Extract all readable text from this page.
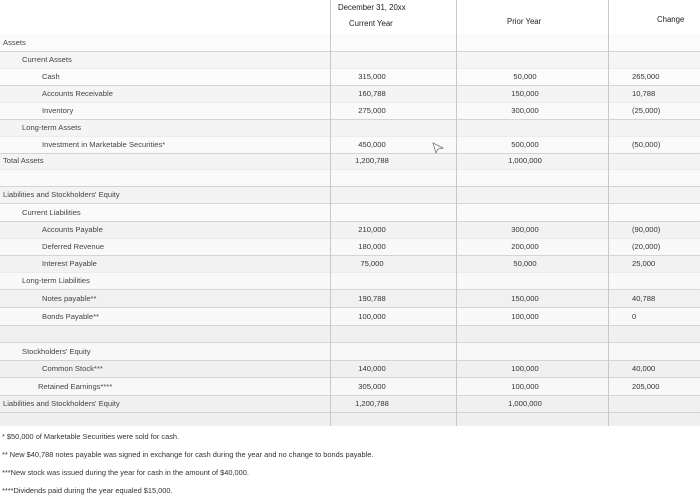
December 31, 20xx
Current Year	Prior Year	Change
Assets
Current Assets
Cash	315,000	50,000	265,000
Accounts Receivable	160,788	150,000	10,788
Inventory	275,000	300,000	(25,000)
Long-term Assets
Investment in Marketable Securities*	450,000	500,000	(50,000)
Total Assets	1,200,788	1,000,000
Liabilities and Stockholders' Equity
Current Liabilities
Accounts Payable	210,000	300,000	(90,000)
Deferred Revenue	180,000	200,000	(20,000)
Interest Payable	75,000	50,000	25,000
Long-term Liabilities
Notes payable**	190,788	150,000	40,788
Bonds Payable**	100,000	100,000	0
Stockholders' Equity
Common Stock***	140,000	100,000	40,000
Retained Earnings****	305,000	100,000	205,000
Liabilities and Stockholders' Equity	1,200,788	1,000,000
* $50,000 of Marketable Securities were sold for cash.
** New $40,788 notes payable was signed in exchange for cash during the year and no change to bonds payable.
***New stock was issued during the year for cash in the amount of $40,000.
****Dividends paid during the year equaled $15,000.
